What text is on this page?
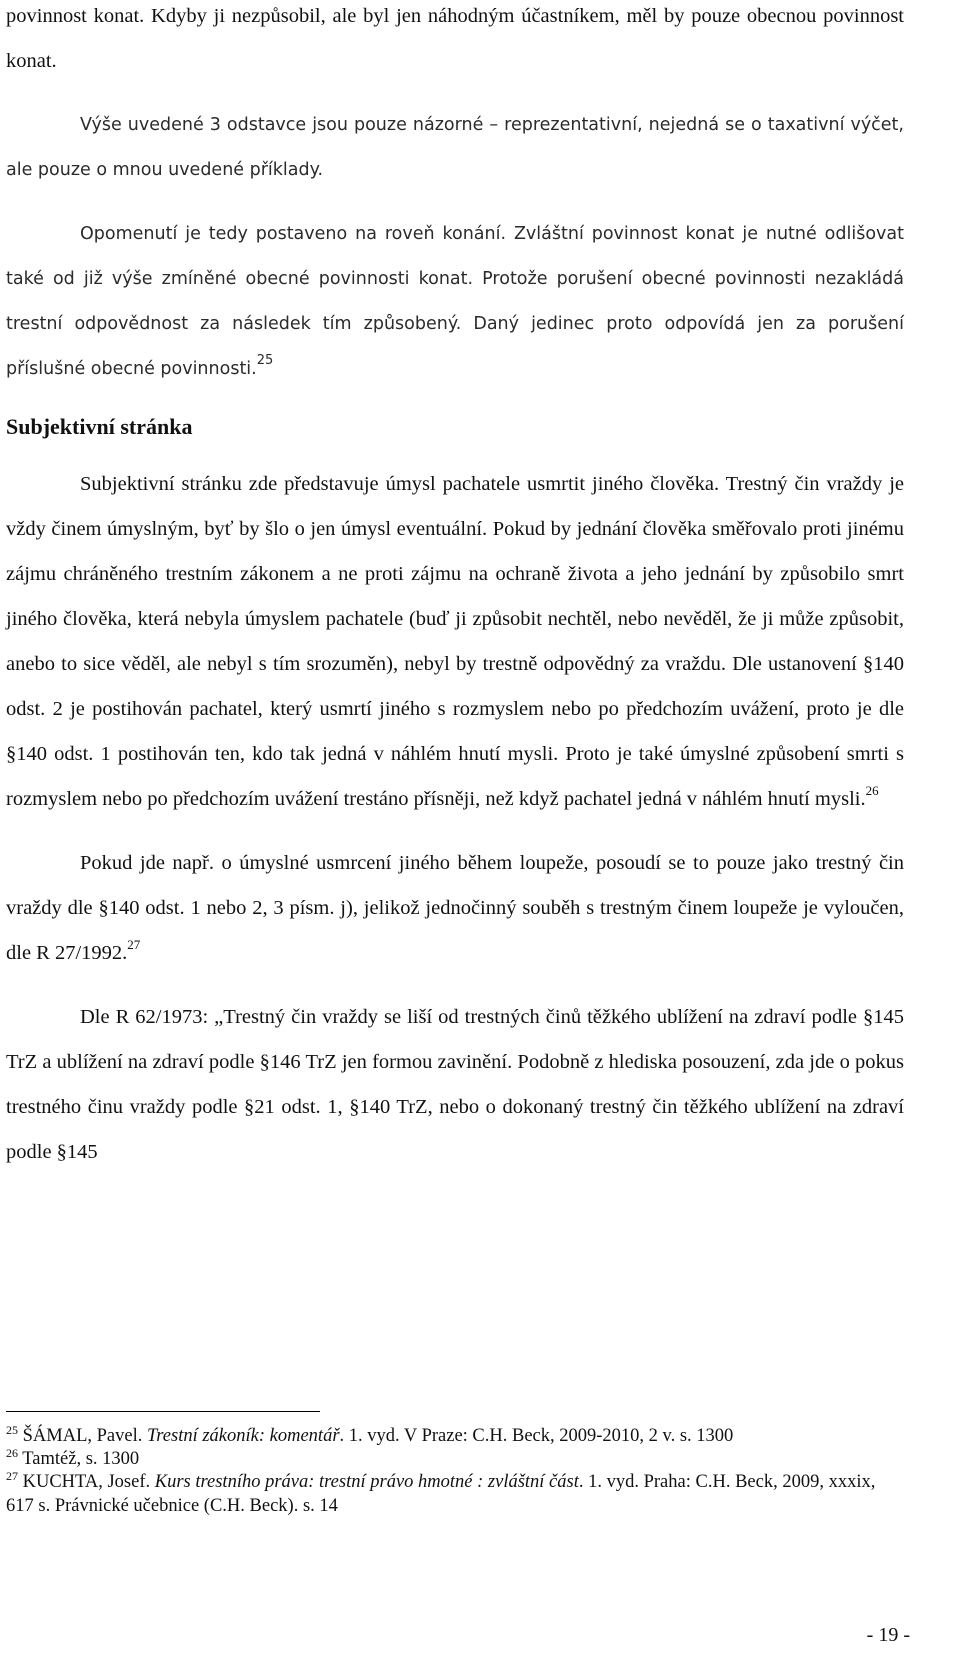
povinnost konat. Kdyby ji nezpůsobil, ale byl jen náhodným účastníkem, měl by pouze obecnou povinnost konat.

Výše uvedené 3 odstavce jsou pouze názorné – reprezentativní, nejedná se o taxativní výčet, ale pouze o mnou uvedené příklady.

Opomenutí je tedy postaveno na roveň konání. Zvláštní povinnost konat je nutné odlišovat také od již výše zmíněné obecné povinnosti konat. Protože porušení obecné povinnosti nezakládá trestní odpovědnost za následek tím způsobený. Daný jedinec proto odpovídá jen za porušení příslušné obecné povinnosti.$^{25}$

Subjektivní stránka

Subjektivní stránku zde představuje úmysl pachatele usmrtit jiného člověka. Trestný čin vraždy je vždy činem úmyslným, byť by šlo o jen úmysl eventuální. Pokud by jednání člověka směřovalo proti jinému zájmu chráněného trestním zákonem a ne proti zájmu na ochraně života a jeho jednání by způsobilo smrt jiného člověka, která nebyla úmyslem pachatele (buď ji způsobit nechtěl, nebo nevěděl, že ji může způsobit, anebo to sice věděl, ale nebyl s tím srozuměn), nebyl by trestně odpovědný za vraždu. Dle ustanovení §140 odst. 2 je postihován pachatel, který usmrtí jiného s rozmyslem nebo po předchozím uvážení, proto je dle §140 odst. 1 postihován ten, kdo tak jedná v náhlém hnutí mysli. Proto je také úmyslné způsobení smrti s rozmyslem nebo po předchozím uvážení trestáno přísněji, než když pachatel jedná v náhlém hnutí mysli.$^{26}$

Pokud jde např. o úmyslné usmrcení jiného během loupeže, posoudí se to pouze jako trestný čin vraždy dle §140 odst. 1 nebo 2, 3 písm. j), jelikož jednočinný souběh s trestným činem loupeže je vyloučen, dle R 27/1992.27

Dle R 62/1973: „Trestný čin vraždy se liší od trestných činů těžkého ublížení na zdraví podle §145 TrZ a ublížení na zdraví podle §146 TrZ jen formou zavinění. Podobně z hlediska posouzení, zda jde o pokus trestného činu vraždy podle §21 odst. 1, §140 TrZ, nebo o dokonaný trestný čin těžkého ublížení na zdraví podle §145

$^{25}$ ŠÁMAL, Pavel. Trestní zákoník: komentář. 1. vyd. V Praze: C.H. Beck, 2009-2010, 2 v. s. 1300

$^{26}$ Tamtéž, s. 1300

$^{27}$ KUCHTA, Josef. Kurs trestního práva: trestní právo hmotné : zvláštní část. 1. vyd. Praha: C.H. Beck, 2009, xxxix, 617 s. Právnické učebnice (C.H. Beck). s. 14

- 19 -
